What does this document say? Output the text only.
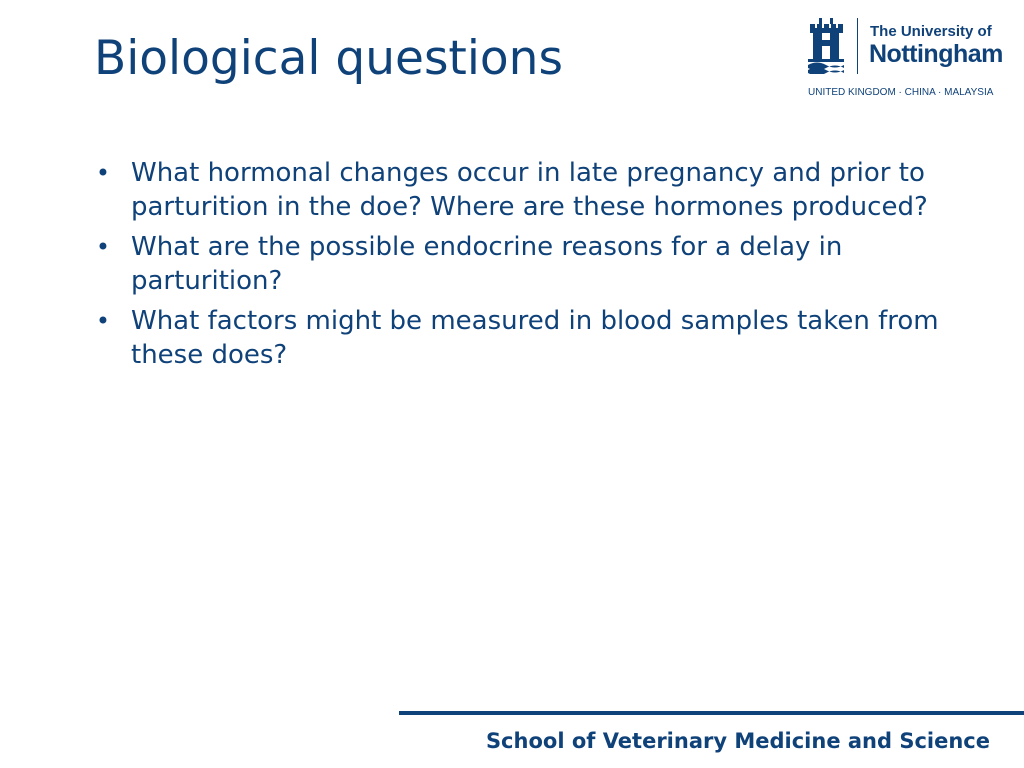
Biological questions	The University of
Nottingham
UNITED KINGDOM · CHINA · MALAYSIA
• What hormonal changes occur in late pregnancy and prior to parturition in the doe? Where are these hormones produced?
• What are the possible endocrine reasons for a delay in parturition?
• What factors might be measured in blood samples taken from these does?
School of Veterinary Medicine and Science
